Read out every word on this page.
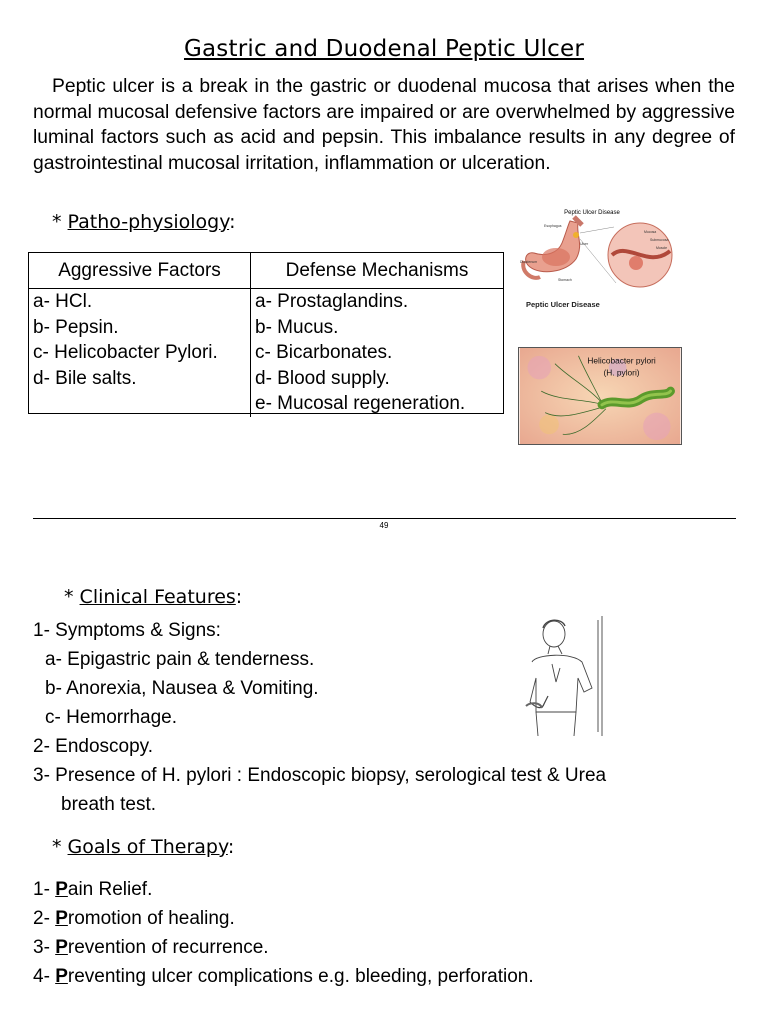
Gastric and Duodenal Peptic Ulcer
Peptic ulcer is a break in the gastric or duodenal mucosa that arises when the normal mucosal defensive factors are impaired or are overwhelmed by aggressive luminal factors such as acid and pepsin. This imbalance results in any degree of gastrointestinal mucosal irritation, inflammation or ulceration.
* Patho-physiology:
Aggressive Factors	Defense Mechanisms
a- HCl.
b- Pepsin.
c- Helicobacter Pylori.
d- Bile salts.
a- Prostaglandins.
b- Mucus.
c- Bicarbonates.
d- Blood supply.
e- Mucosal regeneration.
Peptic Ulcer Disease
Esophagus
Ulcer
Duodenum
Mucosa
Submucosa
Muscle
Stomach
Peptic Ulcer Disease
Helicobacter pylori
(H. pylori)
49
* Clinical Features:
1- Symptoms & Signs:
a- Epigastric pain & tenderness.
b- Anorexia, Nausea & Vomiting.
c- Hemorrhage.
2- Endoscopy.
3- Presence of H. pylori : Endoscopic biopsy, serological test & Urea
breath test.
* Goals of Therapy:
1- Pain Relief.
2- Promotion of healing.
3- Prevention of recurrence.
4- Preventing ulcer complications e.g. bleeding, perforation.
